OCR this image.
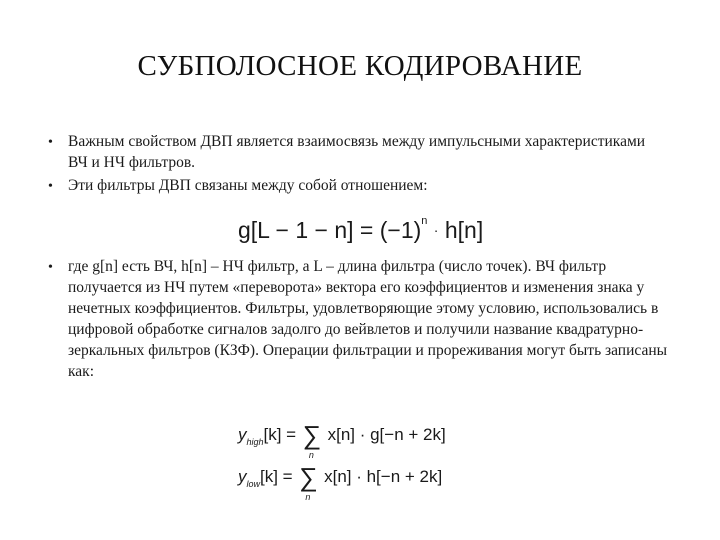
СУБПОЛОСНОЕ КОДИРОВАНИЕ
• Важным свойством ДВП является взаимосвязь между импульсными характеристиками ВЧ и НЧ фильтров.
• Эти фильтры ДВП связаны между собой отношением:
$g[L - 1 - n] = (-1)^n \cdot h[n]$
• где g[n] есть ВЧ, h[n] – НЧ фильтр, а L – длина фильтра (число точек). ВЧ фильтр получается из НЧ путем «переворота» вектора его коэффициентов и изменения знака у нечетных коэффициентов. Фильтры, удовлетворяющие этому условию, использовались в цифровой обработке сигналов задолго до вейвлетов и получили название квадратурно-зеркальных фильтров (КЗФ). Операции фильтрации и прореживания могут быть записаны как:
$y_{high}[k]$ = ∑
n
x[n] · g[−n + 2k]
$y_{low}[k]$ = ∑
n
x[n] · h[−n + 2k]
